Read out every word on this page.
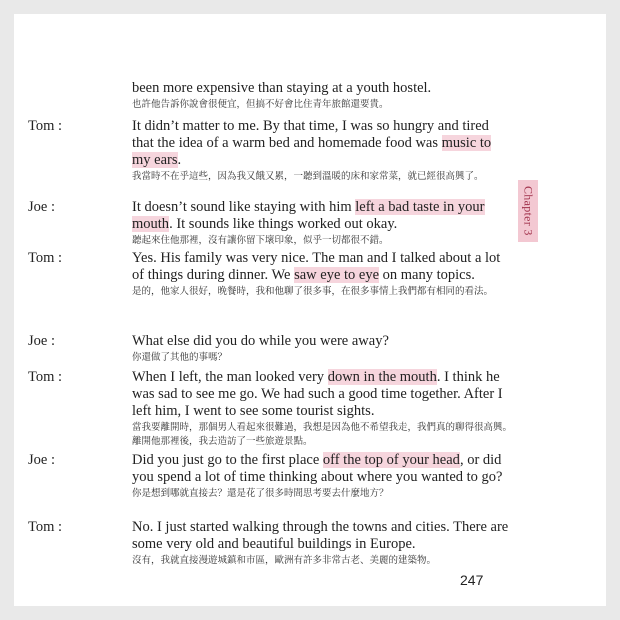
been more expensive than staying at a youth hostel.

也許他告訴你說會很便宜，但搞不好會比住青年旅館還要貴。

Tom :	It didn’t matter to me. By that time, I was so hungry and tired that the idea of a warm bed and homemade food was music to my ears.

我當時不在乎這些，因為我又餓又累，一聽到溫暖的床和家常菜，就已經很高興了。

Joe :	It doesn’t sound like staying with him left a bad taste in your mouth. It sounds like things worked out okay.

聽起來住他那裡，沒有讓你留下壞印象，似乎一切都很不錯。

Tom :	Yes. His family was very nice. The man and I talked about a lot of things during dinner. We saw eye to eye on many topics.

是的，他家人很好，晚餐時，我和他聊了很多事，在很多事情上我們都有相同的看法。

Joe :	What else did you do while you were away?

你還做了其他的事嗎？

Tom :	When I left, the man looked very down in the mouth. I think he was sad to see me go. We had such a good time together. After I left him, I went to see some tourist sights.

當我要離開時，那個男人看起來很難過，我想是因為他不希望我走，我們真的聊得很高興。離開他那裡後，我去造訪了一些旅遊景點。

Joe :	Did you just go to the first place off the top of your head, or did you spend a lot of time thinking about where you wanted to go?

你是想到哪就直接去？還是花了很多時間思考要去什麼地方？

Tom :	No. I just started walking through the towns and cities. There are some very old and beautiful buildings in Europe.

沒有，我就直接漫遊城鎮和市區，歐洲有許多非常古老、美麗的建築物。

Chapter 3
247
